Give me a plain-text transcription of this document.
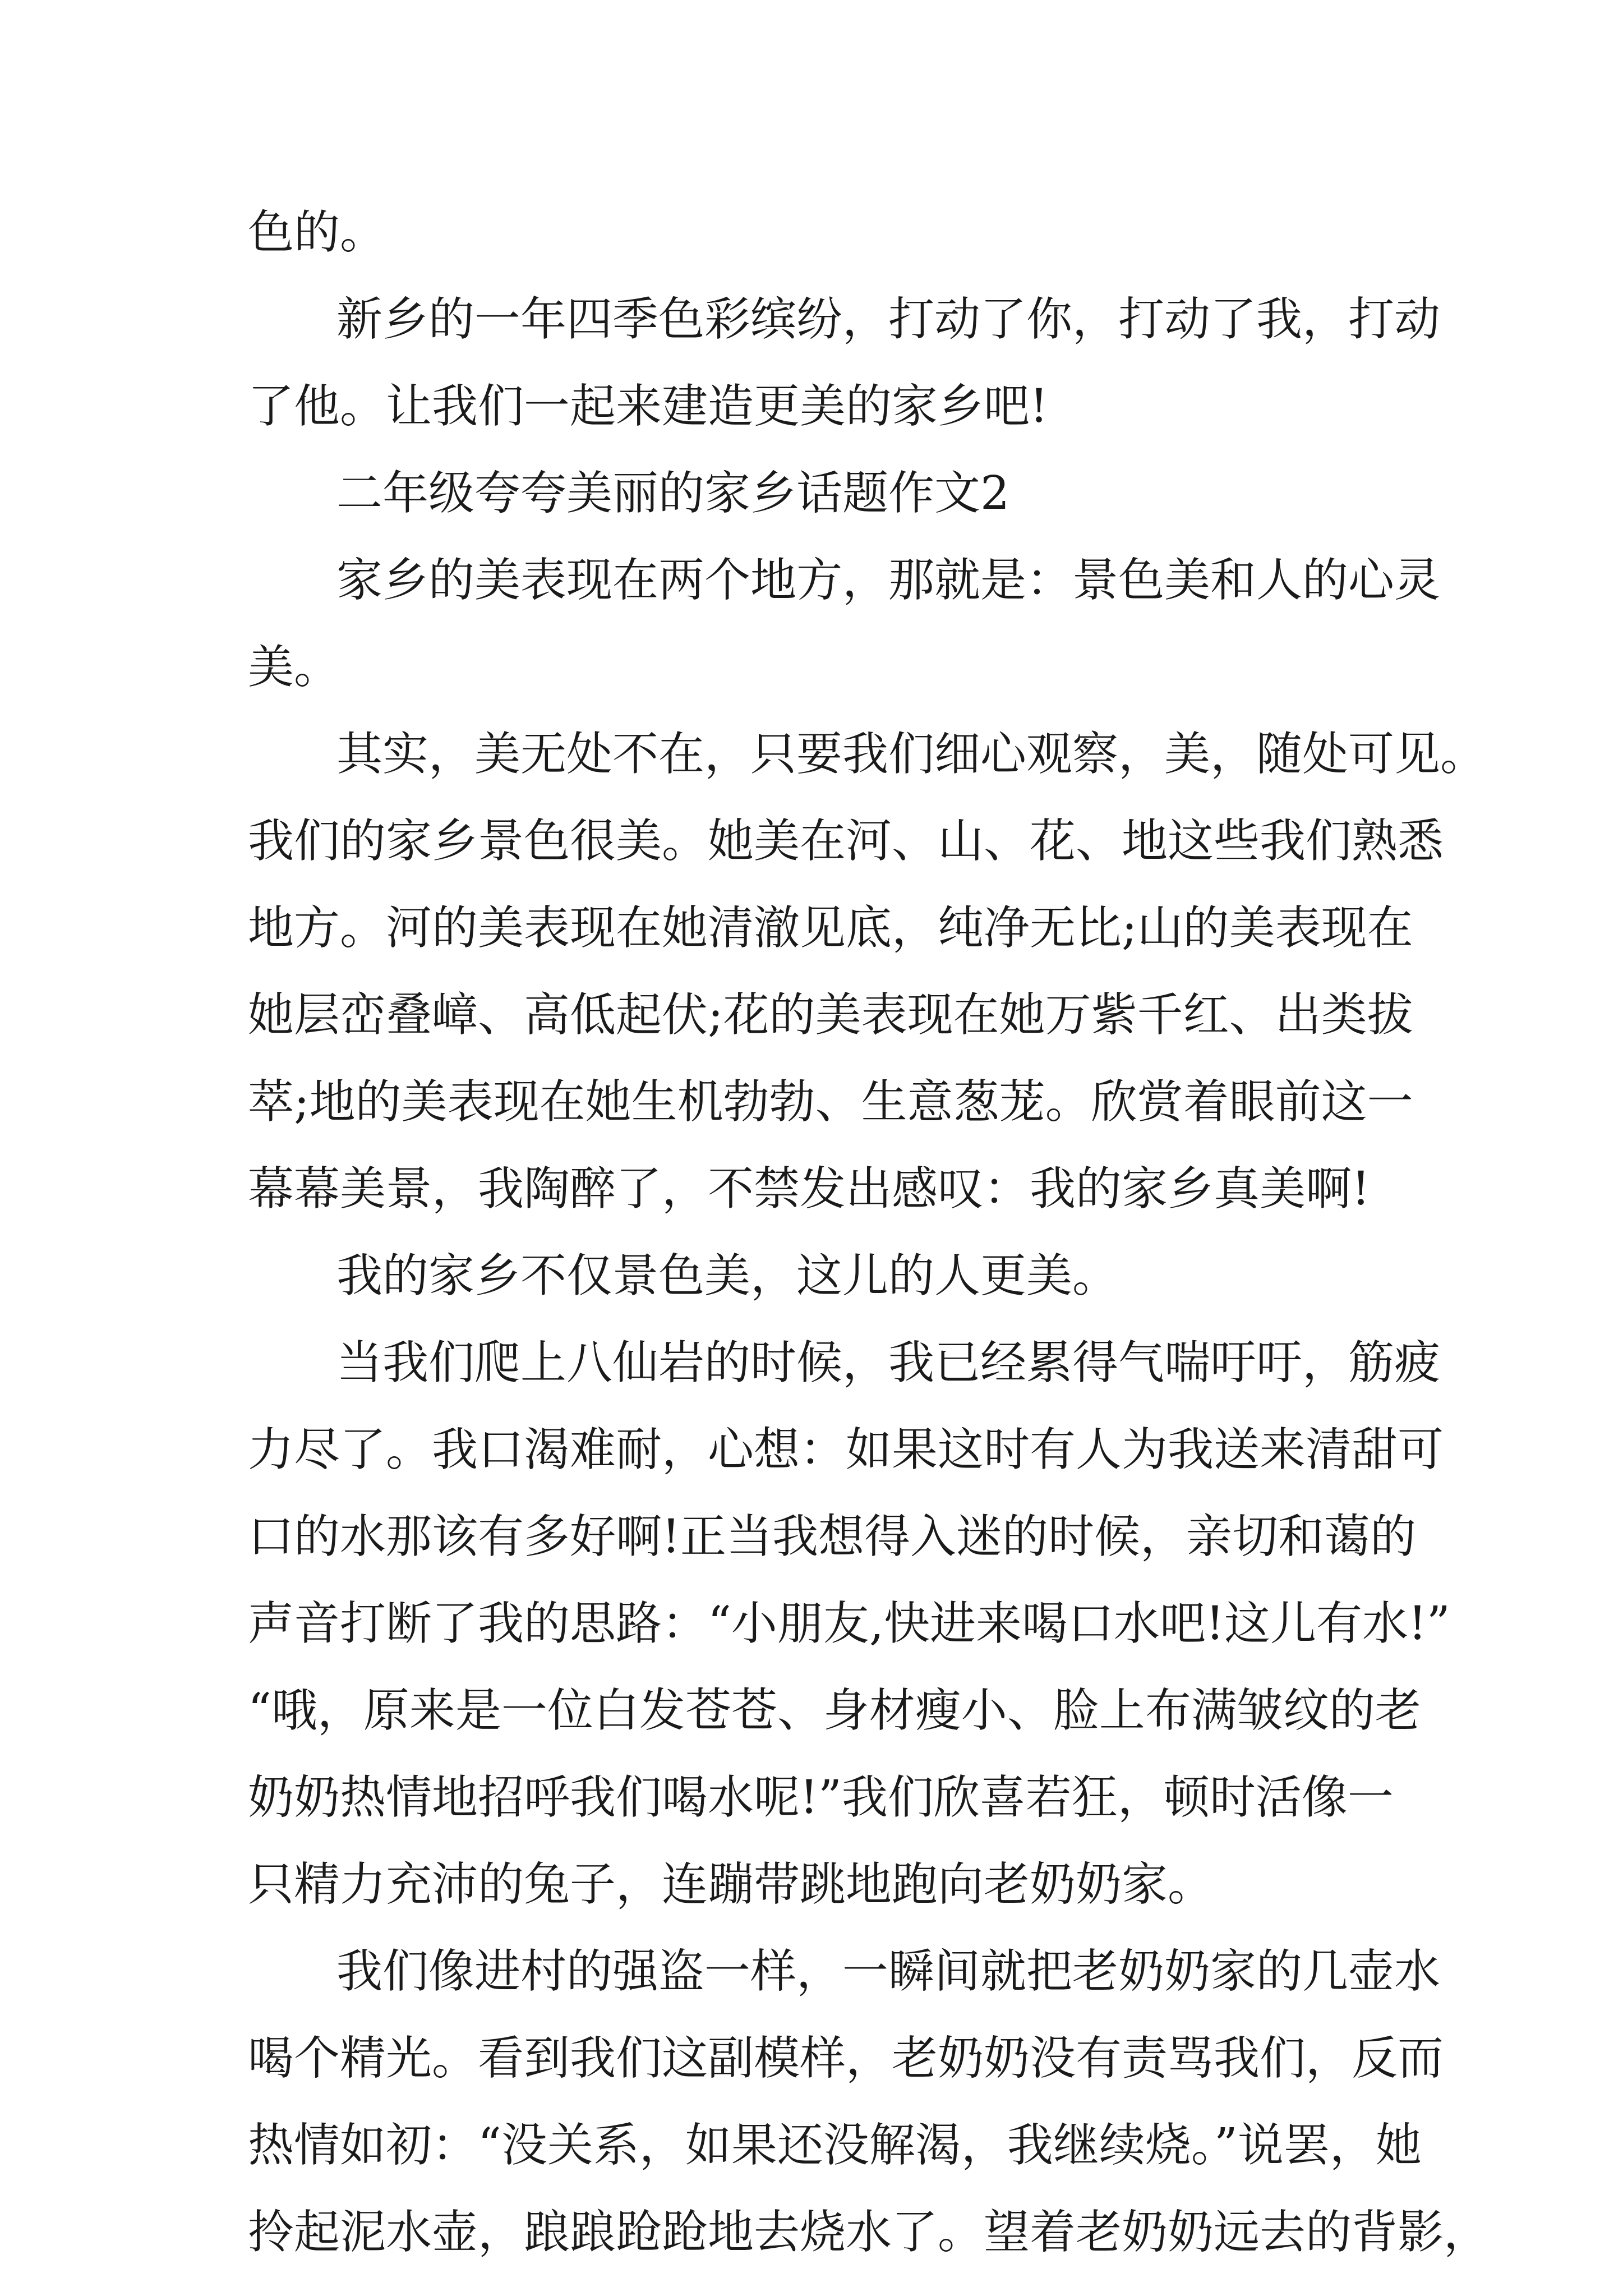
色的。
新乡的一年四季色彩缤纷，打动了你，打动了我，打动
了他。让我们一起来建造更美的家乡吧!
二年级夸夸美丽的家乡话题作文2
家乡的美表现在两个地方，那就是：景色美和人的心灵
美。
其实，美无处不在，只要我们细心观察，美，随处可见。
我们的家乡景色很美。她美在河、山、花、地这些我们熟悉
地方。河的美表现在她清澈见底，纯净无比;山的美表现在
她层峦叠嶂、高低起伏;花的美表现在她万紫千红、出类拔
萃;地的美表现在她生机勃勃、生意葱茏。欣赏着眼前这一
幕幕美景，我陶醉了，不禁发出感叹：我的家乡真美啊!
我的家乡不仅景色美，这儿的人更美。
当我们爬上八仙岩的时候，我已经累得气喘吁吁，筋疲
力尽了。我口渴难耐，心想：如果这时有人为我送来清甜可
口的水那该有多好啊!正当我想得入迷的时候，亲切和蔼的
声音打断了我的思路：“小朋友,快进来喝口水吧!这儿有水!”
“哦，原来是一位白发苍苍、身材瘦小、脸上布满皱纹的老
奶奶热情地招呼我们喝水呢!”我们欣喜若狂，顿时活像一
只精力充沛的兔子，连蹦带跳地跑向老奶奶家。
我们像进村的强盗一样，一瞬间就把老奶奶家的几壶水
喝个精光。看到我们这副模样，老奶奶没有责骂我们，反而
热情如初：“没关系，如果还没解渴，我继续烧。”说罢，她
拎起泥水壶，踉踉跄跄地去烧水了。望着老奶奶远去的背影，
